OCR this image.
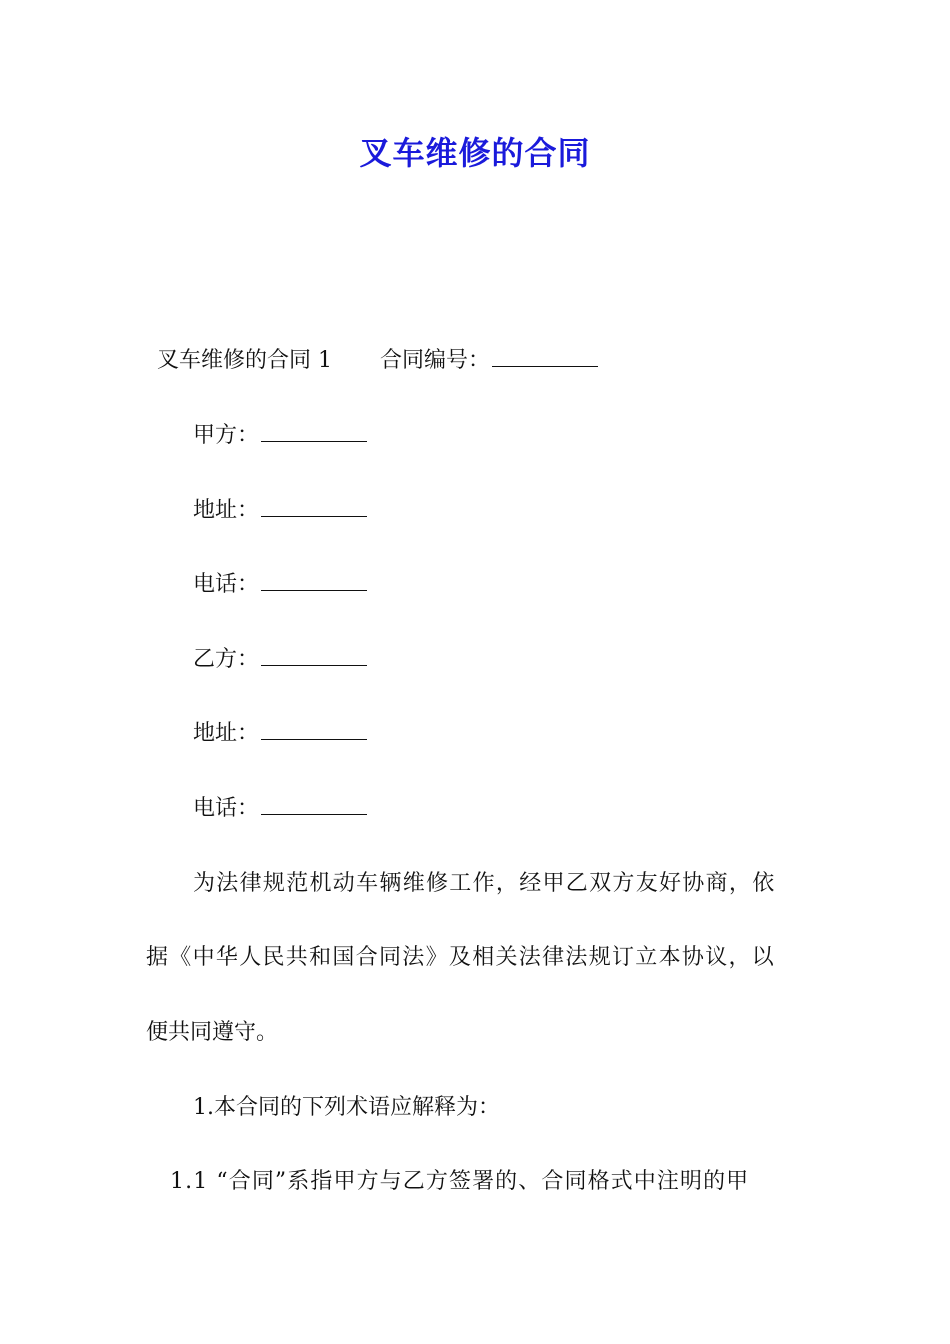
叉车维修的合同
叉车维修的合同 1 合同编号：
甲方：
地址：
电话：
乙方：
地址：
电话：
为法律规范机动车辆维修工作，经甲乙双方友好协商，依
据《中华人民共和国合同法》及相关法律法规订立本协议，以
便共同遵守。
1.本合同的下列术语应解释为：
1.1 “合同”系指甲方与乙方签署的、合同格式中注明的甲
